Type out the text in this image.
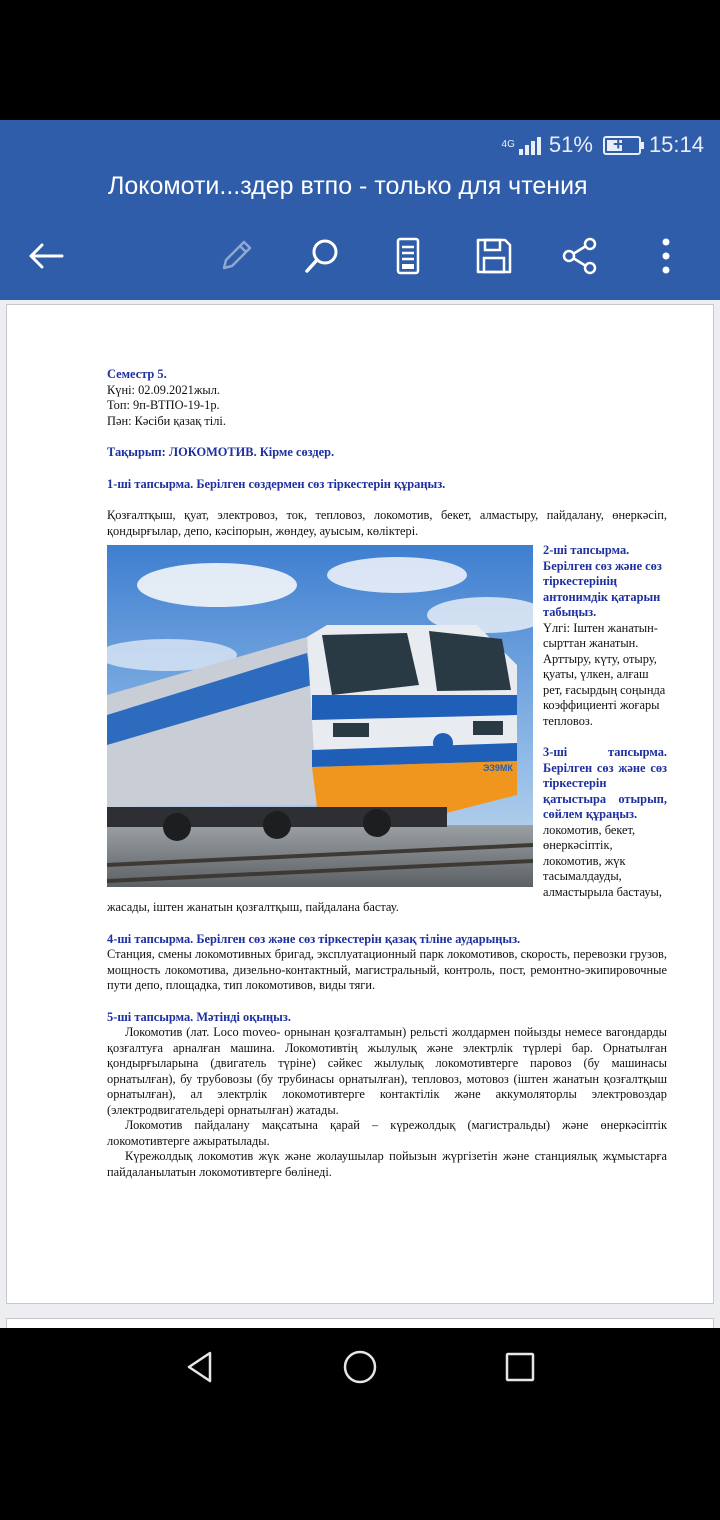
4G 51% + 15:14
Локомоти...здер втпо - только для чтения

Семестр 5.

Күні: 02.09.2021жыл.

Топ: 9п-ВТПО-19-1р.

Пән: Кәсіби қазақ тілі.

Тақырып: ЛОКОМОТИВ. Кірме сөздер.

1-ші тапсырма. Берілген сөздермен сөз тіркестерін құраңыз.

Қозғалтқыш, қуат, электровоз, ток, тепловоз, локомотив, бекет, алмастыру, пайдалану, өнеркәсіп, қондырғылар, депо, кәсіпорын, жөндеу, ауысым, көліктері.

0076
ЭЗ9МК

2-ші тапсырма. Берілген сөз және сөз тіркестерінің антонимдік қатарын табыңыз.

Үлгі: Іштен жанатын-сырттан жанатын.

Арттыру, күту, отыру, қуаты, үлкен, алғаш рет, ғасырдың соңында коэффициенті жоғары тепловоз.

3-ші тапсырма. Берілген сөз және сөз тіркестерін қатыстыра отырып, сөйлем құраңыз.

локомотив, бекет, өнеркәсіптік, локомотив, жүк тасымалдауды, алмастырыла бастауы, жасады, іштен жанатын қозғалтқыш, пайдалана бастау.

4-ші тапсырма. Берілген сөз және сөз тіркестерін қазақ тіліне аударыңыз.

Станция, смены локомотивных бригад, эксплуатационный парк локомотивов, скорость, перевозки грузов, мощность локомотива, дизельно-контактный, магистральный, контроль, пост, ремонтно-экипировочные пути депо, площадка, тип локомотивов, виды тяги.

5-ші тапсырма. Мәтінді оқыңыз.

Локомотив (лат. Loco moveo- орнынан қозғалтамын) рельсті жолдармен пойызды немесе вагондарды қозғалтуға арналған машина. Локомотивтің жылулық және электрлік түрлері бар. Орнатылған қондырғыларына (двигатель түріне) сәйкес жылулық локомотивтерге паровоз (бу машинасы орнатылған), бу трубовозы (бу трубинасы орнатылған), тепловоз, мотовоз (іштен жанатын қозғалтқыш орнатылған), ал электрлік локомотивтерге контактілік және аккумоляторлы электровоздар (электродвигательдері орнатылған) жатады.

Локомотив пайдалану мақсатына қарай – күрежолдық (магистральды) және өнеркәсіптік локомотивтерге ажыратылады.

Күрежолдық локомотив жүк және жолаушылар пойызын жүргізетін және станциялық жұмыстарға пайдаланылатын локомотивтерге бөлінеді.
